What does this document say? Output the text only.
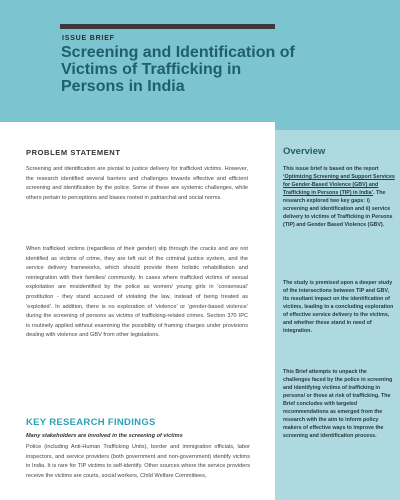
ISSUE BRIEF
Screening and Identification of Victims of Trafficking in Persons in India
PROBLEM STATEMENT

Screening and identification are pivotal to justice delivery for trafficked victims. However, the research identified several barriers and challenges towards effective and efficient screening and identification by the police. Some of these are systemic challenges, while others pertain to perceptions and biases rooted in patriarchal and social norms.

When trafficked victims (regardless of their gender) slip through the cracks and are not identified as victims of crime, they are left out of the criminal justice system, and the service delivery frameworks, which should provide them holistic rehabilitation and reintegration with their families/ community. In cases where trafficked victims of sexual exploitation are misidentified by the police as women/ young girls in ‘consensual’ prostitution - they stand accused of violating the law, instead of being treated as ‘exploited’. In addition, there is no exploration of ‘violence’ or ‘gender-based violence’ during the screening of persons as victims of trafficking-related crimes. Section 370 IPC is routinely applied without examining the possibility of framing charges under provisions dealing with violence and GBV from other legislations.

KEY RESEARCH FINDINGS
Many stakeholders are involved in the screening of victims

Police (including Anti-Human Trafficking Units), border and immigration officials, labor inspectors, and service providers (both government and non-government) identify victims in India. It is rare for TIP victims to self-identify. Other sources where the service providers receive the victims are courts, social workers, Child Welfare Committees,

Overview

This issue brief is based on the report ‘Optimizing Screening and Support Services for Gender-Based Violence (GBV) and Trafficking in Persons (TIP) in India’. The research explored two key gaps: i) screening and identification and ii) service delivery to victims of Trafficking in Persons (TIP) and Gender Based Violence (GBV).

The study is premised upon a deeper study of the intersections between TIP and GBV, its resultant impact on the identification of victims, leading to a concluding exploration of effective service delivery to the victims, and whether these stand in need of integration.

This Brief attempts to unpack the challenges faced by the police in screening and identifying victims of trafficking in persons/ or those at risk of trafficking. The Brief concludes with targeted recommendations as emerged from the research with the aim to inform policy makers of effective ways to improve the screening and identification process.
